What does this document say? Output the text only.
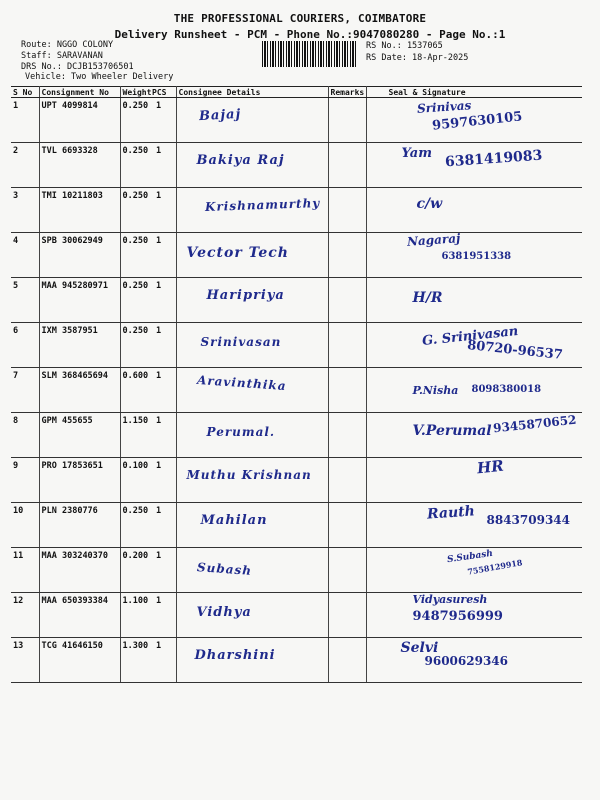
THE PROFESSIONAL COURIERS, COIMBATORE
Delivery Runsheet - PCM - Phone No.:9047080280 - Page No.:1
Route: NGGO COLONY
Staff: SARAVANAN
DRS No.: DCJB153706501
Vehicle: Two Wheeler Delivery
RS No.: 1537065
RS Date: 18-Apr-2025
S No	Consignment No	Weight	PCS	Consignee Details	Remarks	Seal & Signature
1	UPT 4099814	0.250	1	Bajaj		Srinivas
9597630105

2	TVL 6693328	0.250	1	Bakiya Raj		Yam 6381419083

3	TMI 10211803	0.250	1	Krishnamurthy		c/w

4	SPB 30062949	0.250	1	Vector Tech		Nagaraj
6381951338

5	MAA 945280971	0.250	1	Haripriya		H/R

6	IXM 3587951	0.250	1	Srinivasan		G. Srinivasan
80720-96537

7	SLM 368465694	0.600	1	Aravinthika		P.Nisha 8098380018

8	GPM 455655	1.150	1	Perumal.		V.Perumal 9345870652

9	PRO 17853651	0.100	1	Muthu Krishnan		HR

10	PLN 2380776	0.250	1	Mahilan		Rauth 8843709344

11	MAA 303240370	0.200	1	Subash		S.Subash
7558129918

12	MAA 650393384	1.100	1	Vidhya		Vidyasuresh
9487956999

13	TCG 41646150	1.300	1	Dharshini		Selvi
9600629346
